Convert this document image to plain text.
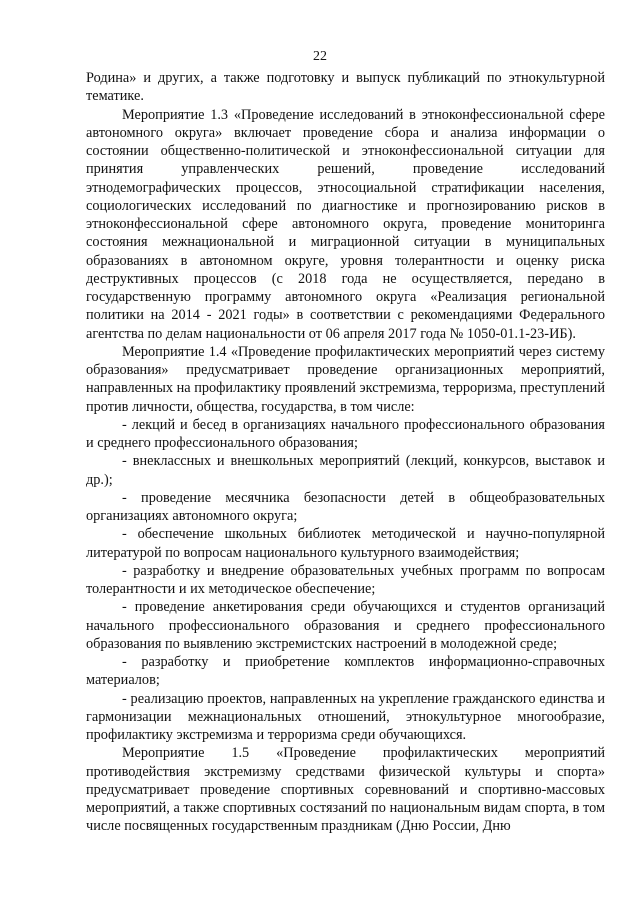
22

Родина» и других, а также подготовку и выпуск публикаций по этнокультурной тематике.

Мероприятие 1.3 «Проведение исследований в этноконфессиональной сфере автономного округа» включает проведение сбора и анализа информации о состоянии общественно-политической и этноконфессиональной ситуации для принятия управленческих решений, проведение исследований этнодемографических процессов, этносоциальной стратификации населения, социологических исследований по диагностике и прогнозированию рисков в этноконфессиональной сфере автономного округа, проведение мониторинга состояния межнациональной и миграционной ситуации в муниципальных образованиях в автономном округе, уровня толерантности и оценку риска деструктивных процессов (с 2018 года не осуществляется, передано в государственную программу автономного округа «Реализация региональной политики на 2014 - 2021 годы» в соответствии с рекомендациями Федерального агентства по делам национальности от 06 апреля 2017 года № 1050-01.1-23-ИБ).

Мероприятие 1.4 «Проведение профилактических мероприятий через систему образования» предусматривает проведение организационных мероприятий, направленных на профилактику проявлений экстремизма, терроризма, преступлений против личности, общества, государства, в том числе:

- лекций и бесед в организациях начального профессионального образования и среднего профессионального образования;

- внеклассных и внешкольных мероприятий (лекций, конкурсов, выставок и др.);

- проведение месячника безопасности детей в общеобразовательных организациях автономного округа;

- обеспечение школьных библиотек методической и научно-популярной литературой по вопросам национального культурного взаимодействия;

- разработку и внедрение образовательных учебных программ по вопросам толерантности и их методическое обеспечение;

- проведение анкетирования среди обучающихся и студентов организаций начального профессионального образования и среднего профессионального образования по выявлению экстремистских настроений в молодежной среде;

- разработку и приобретение комплектов информационно-справочных материалов;

- реализацию проектов, направленных на укрепление гражданского единства и гармонизации межнациональных отношений, этнокультурное многообразие, профилактику экстремизма и терроризма среди обучающихся.

Мероприятие 1.5 «Проведение профилактических мероприятий противодействия экстремизму средствами физической культуры и спорта» предусматривает проведение спортивных соревнований и спортивно-массовых мероприятий, а также спортивных состязаний по национальным видам спорта, в том числе посвященных государственным праздникам (Дню России, Дню
